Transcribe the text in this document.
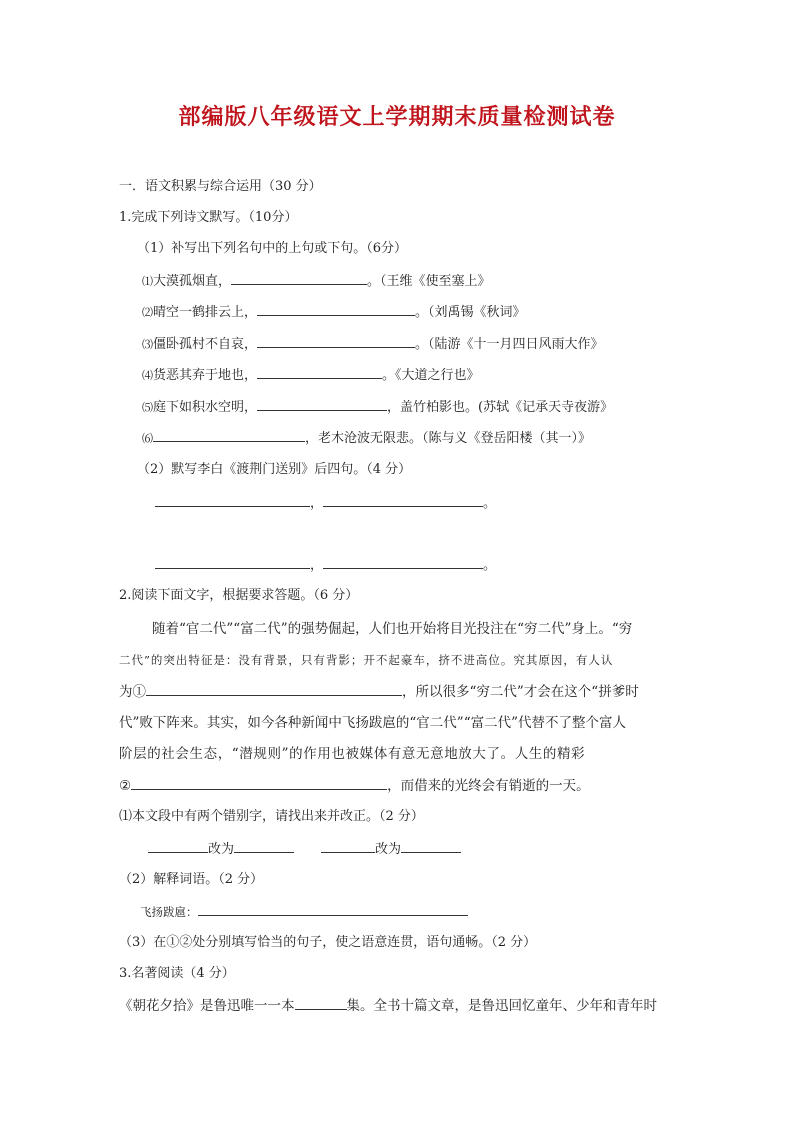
部编版八年级语文上学期期末质量检测试卷
一．语文积累与综合运用（30 分）
1.完成下列诗文默写。（10分）
（1）补写出下列名句中的上句或下句。（6分）
⑴大漠孤烟直，	。（王维《使至塞上》
⑵晴空一鹤排云上，	。（刘禹锡《秋词》
⑶僵卧孤村不自哀，	。（陆游《十一月四日风雨大作》
⑷货恶其弃于地也，	。《大道之行也》
⑸庭下如积水空明，	，盖竹柏影也。(苏轼《记承天寺夜游》
⑹	，老木沧波无限悲。（陈与义《登岳阳楼（其一）》
（2）默写李白《渡荆门送别》后四句。（4 分）
，	。
，	。
2.阅读下面文字，根据要求答题。（6 分）
随着“官二代”“富二代”的强势倔起，人们也开始将目光投注在“穷二代”身上。“穷
二代”的突出特征是：没有背景，只有背影；开不起豪车，挤不进高位。究其原因，有人认
为①	，所以很多“穷二代”才会在这个“拼爹时
代”败下阵来。其实，如今各种新闻中飞扬跋扈的“官二代”“富二代”代替不了整个富人
阶层的社会生态，“潜规则”的作用也被媒体有意无意地放大了。人生的精彩
②	，而借来的光终会有销逝的一天。
⑴本文段中有两个错别字，请找出来并改正。（2 分）
改为	改为
（2）解释词语。（2 分）
飞扬跋扈：
（3）在①②处分别填写恰当的句子，使之语意连贯，语句通畅。（2 分）
3.名著阅读（4 分）
《朝花夕拾》是鲁迅唯一一本	集。全书十篇文章，是鲁迅回忆童年、少年和青年时
